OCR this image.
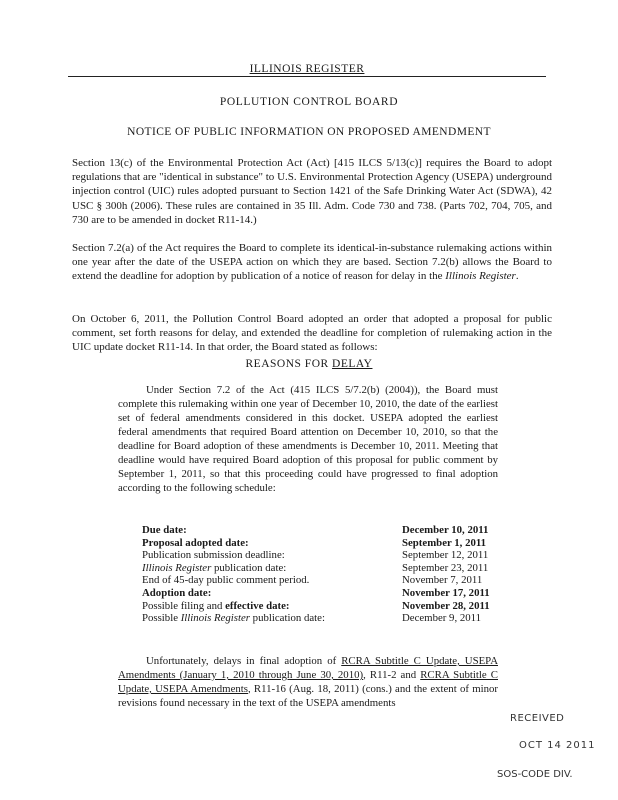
ILLINOIS REGISTER
POLLUTION CONTROL BOARD
NOTICE OF PUBLIC INFORMATION ON PROPOSED AMENDMENT

Section 13(c) of the Environmental Protection Act (Act) [415 ILCS 5/13(c)] requires the Board to adopt regulations that are "identical in substance" to U.S. Environmental Protection Agency (USEPA) underground injection control (UIC) rules adopted pursuant to Section 1421 of the Safe Drinking Water Act (SDWA), 42 USC § 300h (2006). These rules are contained in 35 Ill. Adm. Code 730 and 738. (Parts 702, 704, 705, and 730 are to be amended in docket R11-14.)

Section 7.2(a) of the Act requires the Board to complete its identical-in-substance rulemaking actions within one year after the date of the USEPA action on which they are based. Section 7.2(b) allows the Board to extend the deadline for adoption by publication of a notice of reason for delay in the Illinois Register.

On October 6, 2011, the Pollution Control Board adopted an order that adopted a proposal for public comment, set forth reasons for delay, and extended the deadline for completion of rulemaking action in the UIC update docket R11-14. In that order, the Board stated as follows:

REASONS FOR DELAY

Under Section 7.2 of the Act (415 ILCS 5/7.2(b) (2004)), the Board must complete this rulemaking within one year of December 10, 2010, the date of the earliest set of federal amendments considered in this docket. USEPA adopted the earliest federal amendments that required Board attention on December 10, 2010, so that the deadline for Board adoption of these amendments is December 10, 2011. Meeting that deadline would have required Board adoption of this proposal for public comment by September 1, 2011, so that this proceeding could have progressed to final adoption according to the following schedule:

Due date:	December 10, 2011
Proposal adopted date:	September 1, 2011
Publication submission deadline:	September 12, 2011
Illinois Register publication date:	September 23, 2011
End of 45-day public comment period.	November 7, 2011
Adoption date:	November 17, 2011
Possible filing and effective date:	November 28, 2011
Possible Illinois Register publication date:	December 9, 2011

Unfortunately, delays in final adoption of RCRA Subtitle C Update, USEPA Amendments (January 1, 2010 through June 30, 2010), R11-2 and RCRA Subtitle C Update, USEPA Amendments, R11-16 (Aug. 18, 2011) (cons.) and the extent of minor revisions found necessary in the text of the USEPA amendments

RECEIVED
OCT 14 2011
SOS-CODE DIV.
